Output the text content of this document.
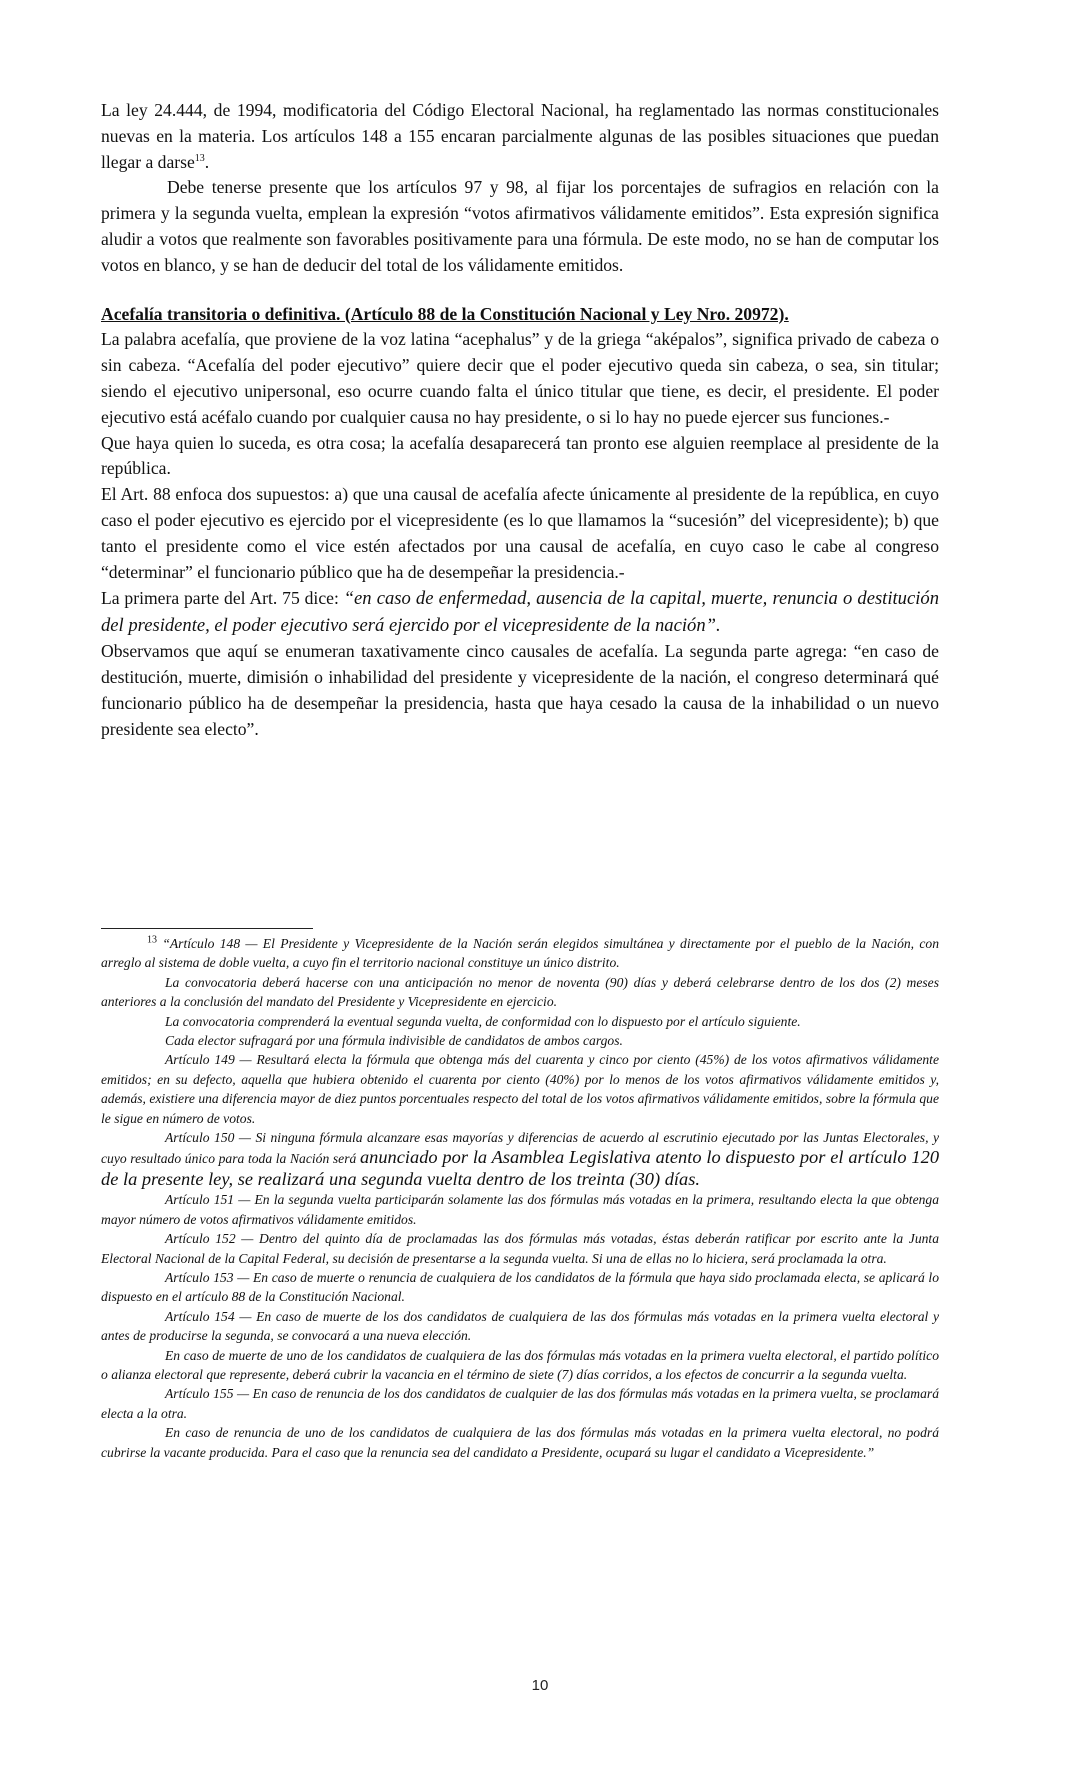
La ley 24.444, de 1994, modificatoria del Código Electoral Nacional, ha reglamentado las normas constitucionales nuevas en la materia. Los artículos 148 a 155 encaran parcialmente algunas de las posibles situaciones que puedan llegar a darse$^{13}$.

Debe tenerse presente que los artículos 97 y 98, al fijar los porcentajes de sufragios en relación con la primera y la segunda vuelta, emplean la expresión “votos afirmativos válidamente emitidos”. Esta expresión significa aludir a votos que realmente son favorables positivamente para una fórmula. De este modo, no se han de computar los votos en blanco, y se han de deducir del total de los válidamente emitidos.

Acefalía transitoria o definitiva. (Artículo 88 de la Constitución Nacional y Ley Nro. 20972).

La palabra acefalía, que proviene de la voz latina “acephalus” y de la griega “aképalos”, significa privado de cabeza o sin cabeza. “Acefalía del poder ejecutivo” quiere decir que el poder ejecutivo queda sin cabeza, o sea, sin titular; siendo el ejecutivo unipersonal, eso ocurre cuando falta el único titular que tiene, es decir, el presidente. El poder ejecutivo está acéfalo cuando por cualquier causa no hay presidente, o si lo hay no puede ejercer sus funciones.-

Que haya quien lo suceda, es otra cosa; la acefalía desaparecerá tan pronto ese alguien reemplace al presidente de la república.

El Art. 88 enfoca dos supuestos: a) que una causal de acefalía afecte únicamente al presidente de la república, en cuyo caso el poder ejecutivo es ejercido por el vicepresidente (es lo que llamamos la “sucesión” del vicepresidente); b) que tanto el presidente como el vice estén afectados por una causal de acefalía, en cuyo caso le cabe al congreso “determinar” el funcionario público que ha de desempeñar la presidencia.-

La primera parte del Art. 75 dice: “en caso de enfermedad, ausencia de la capital, muerte, renuncia o destitución del presidente, el poder ejecutivo será ejercido por el vicepresidente de la nación”.

Observamos que aquí se enumeran taxativamente cinco causales de acefalía. La segunda parte agrega: “en caso de destitución, muerte, dimisión o inhabilidad del presidente y vicepresidente de la nación, el congreso determinará qué funcionario público ha de desempeñar la presidencia, hasta que haya cesado la causa de la inhabilidad o un nuevo presidente sea electo”.

$^{13}$ “Artículo 148 — El Presidente y Vicepresidente de la Nación serán elegidos simultánea y directamente por el pueblo de la Nación, con arreglo al sistema de doble vuelta, a cuyo fin el territorio nacional constituye un único distrito.

La convocatoria deberá hacerse con una anticipación no menor de noventa (90) días y deberá celebrarse dentro de los dos (2) meses anteriores a la conclusión del mandato del Presidente y Vicepresidente en ejercicio.

La convocatoria comprenderá la eventual segunda vuelta, de conformidad con lo dispuesto por el artículo siguiente.

Cada elector sufragará por una fórmula indivisible de candidatos de ambos cargos.

Artículo 149 — Resultará electa la fórmula que obtenga más del cuarenta y cinco por ciento (45%) de los votos afirmativos válidamente emitidos; en su defecto, aquella que hubiera obtenido el cuarenta por ciento (40%) por lo menos de los votos afirmativos válidamente emitidos y, además, existiere una diferencia mayor de diez puntos porcentuales respecto del total de los votos afirmativos válidamente emitidos, sobre la fórmula que le sigue en número de votos.

Artículo 150 — Si ninguna fórmula alcanzare esas mayorías y diferencias de acuerdo al escrutinio ejecutado por las Juntas Electorales, y cuyo resultado único para toda la Nación será anunciado por la Asamblea Legislativa atento lo dispuesto por el artículo 120 de la presente ley, se realizará una segunda vuelta dentro de los treinta (30) días.

Artículo 151 — En la segunda vuelta participarán solamente las dos fórmulas más votadas en la primera, resultando electa la que obtenga mayor número de votos afirmativos válidamente emitidos.

Artículo 152 — Dentro del quinto día de proclamadas las dos fórmulas más votadas, éstas deberán ratificar por escrito ante la Junta Electoral Nacional de la Capital Federal, su decisión de presentarse a la segunda vuelta. Si una de ellas no lo hiciera, será proclamada la otra.

Artículo 153 — En caso de muerte o renuncia de cualquiera de los candidatos de la fórmula que haya sido proclamada electa, se aplicará lo dispuesto en el artículo 88 de la Constitución Nacional.

Artículo 154 — En caso de muerte de los dos candidatos de cualquiera de las dos fórmulas más votadas en la primera vuelta electoral y antes de producirse la segunda, se convocará a una nueva elección.

En caso de muerte de uno de los candidatos de cualquiera de las dos fórmulas más votadas en la primera vuelta electoral, el partido político o alianza electoral que represente, deberá cubrir la vacancia en el término de siete (7) días corridos, a los efectos de concurrir a la segunda vuelta.

Artículo 155 — En caso de renuncia de los dos candidatos de cualquier de las dos fórmulas más votadas en la primera vuelta, se proclamará electa a la otra.

En caso de renuncia de uno de los candidatos de cualquiera de las dos fórmulas más votadas en la primera vuelta electoral, no podrá cubrirse la vacante producida. Para el caso que la renuncia sea del candidato a Presidente, ocupará su lugar el candidato a Vicepresidente.”

10
